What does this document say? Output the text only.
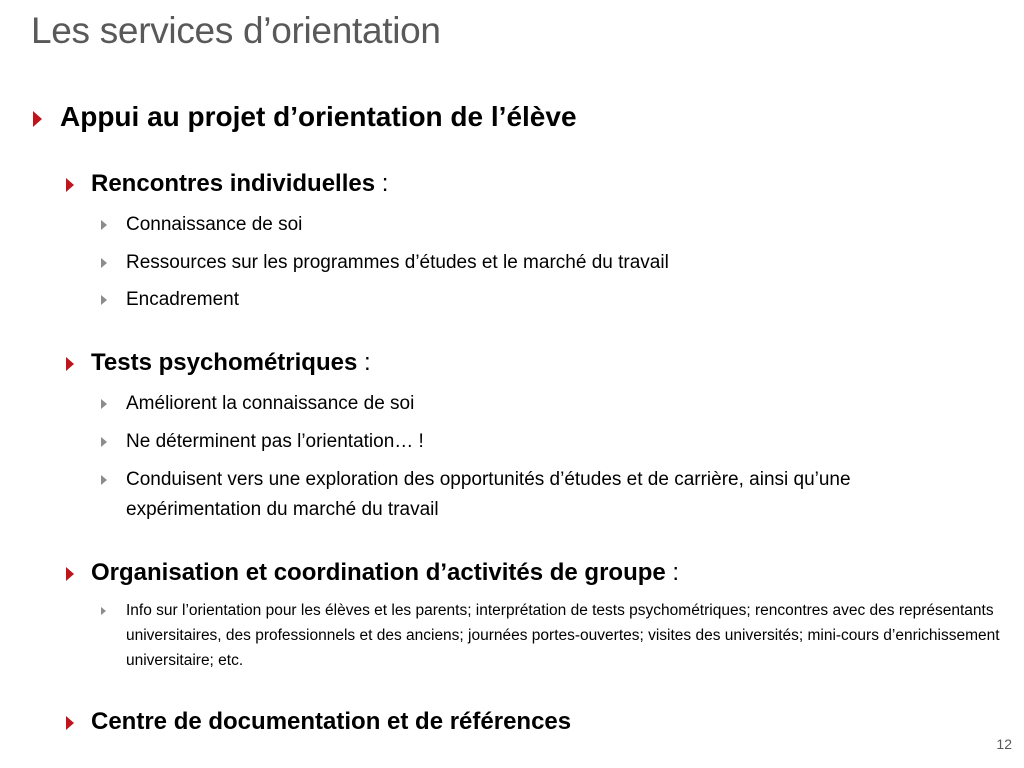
Les services d’orientation
Appui au projet d’orientation de l’élève
Rencontres individuelles :
Connaissance de soi
Ressources sur les programmes d’études et le marché du travail
Encadrement
Tests psychométriques :
Améliorent la connaissance de soi
Ne déterminent pas l’orientation… !
Conduisent vers une exploration des opportunités d’études et de carrière, ainsi qu’une expérimentation du marché du travail
Organisation et coordination d’activités de groupe :
Info sur l’orientation pour les élèves et les parents; interprétation de tests psychométriques; rencontres avec des représentants universitaires, des professionnels et des anciens; journées portes-ouvertes; visites des universités; mini-cours d’enrichissement universitaire; etc.
Centre de documentation et de références
12
